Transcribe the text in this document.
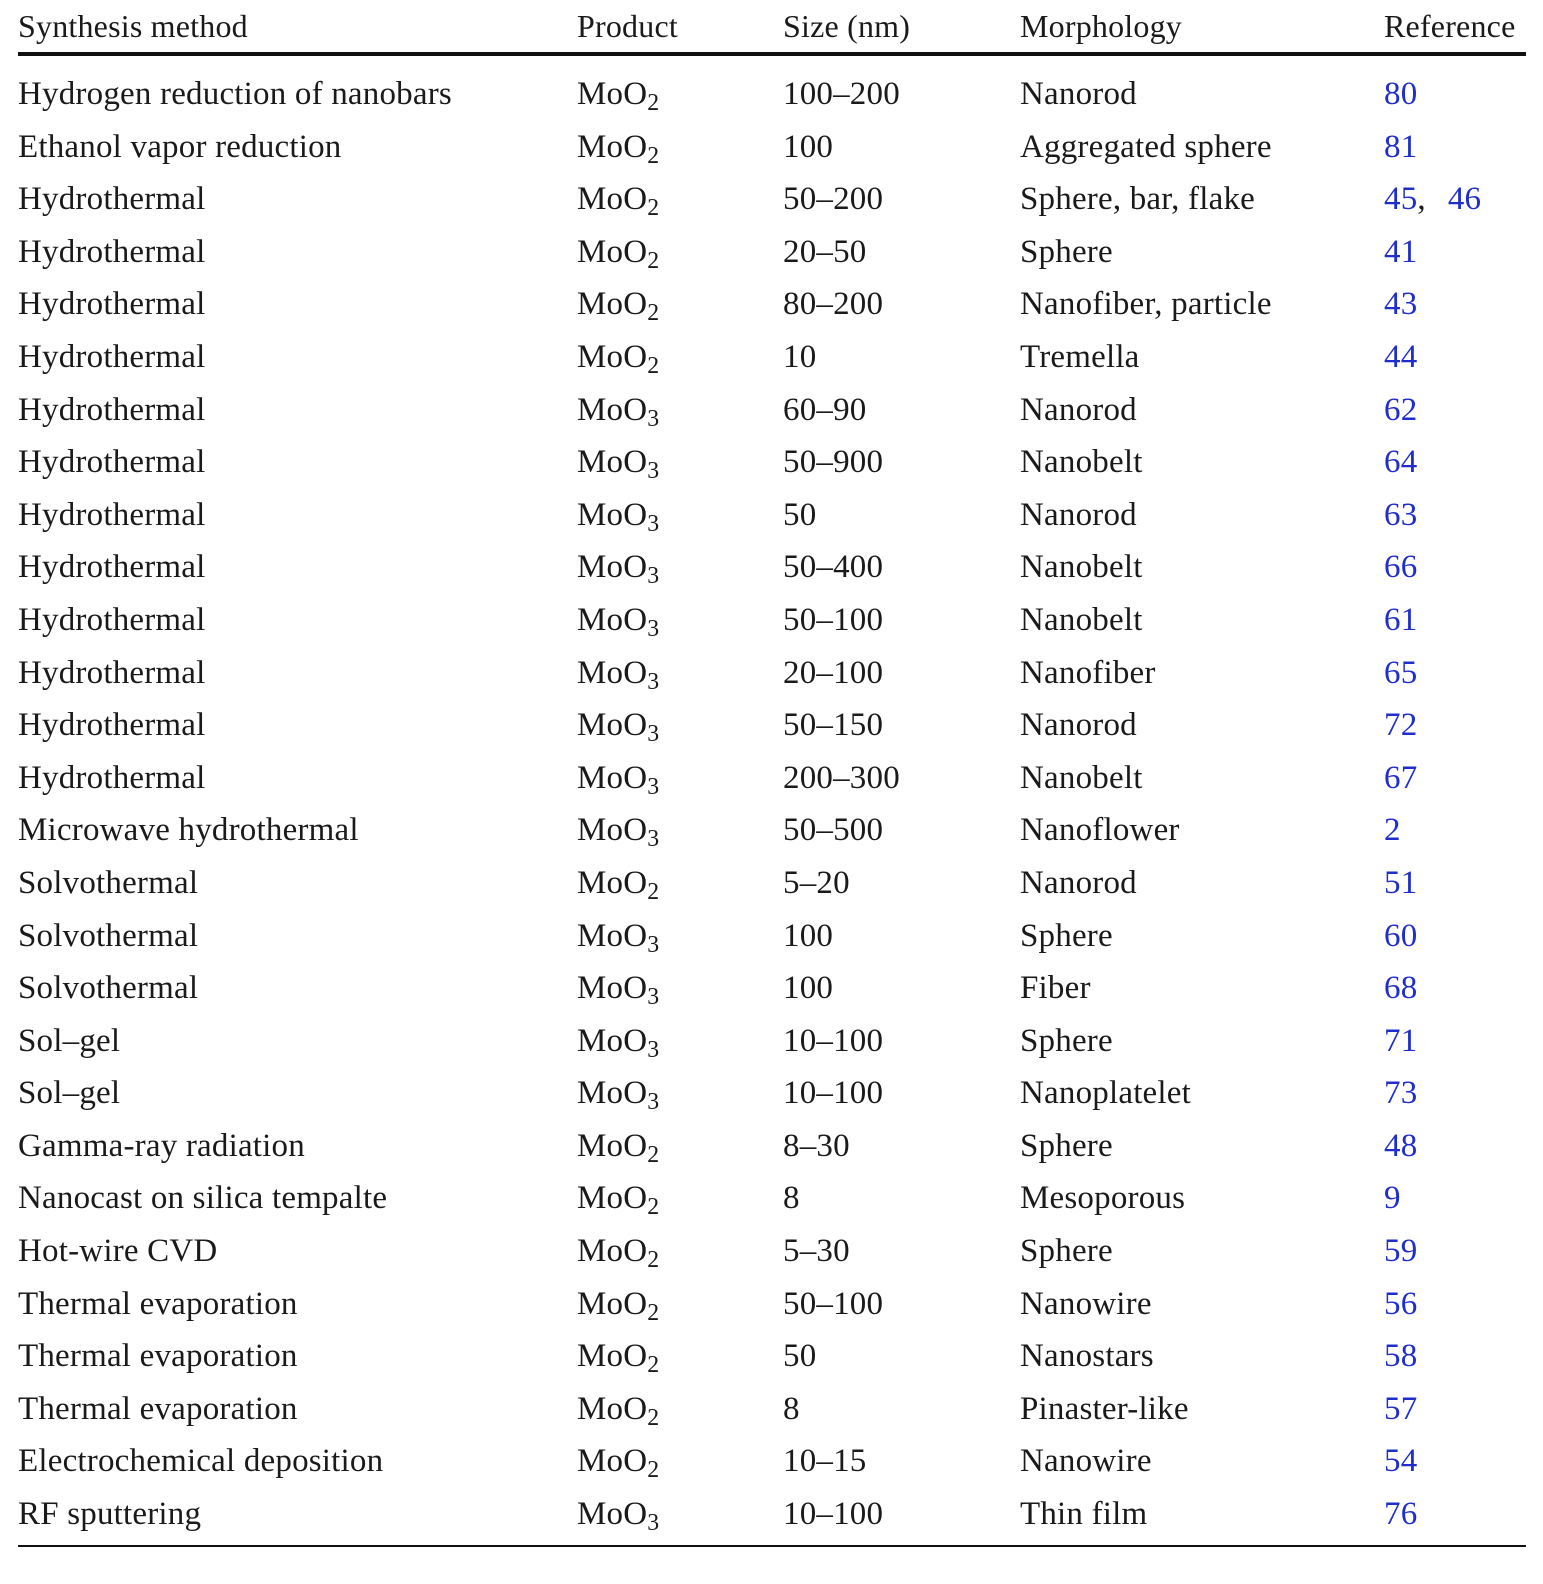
Synthesis method	Product	Size (nm)	Morphology	Reference
Hydrogen reduction of nanobars	MoO$_2$	100–200	Nanorod	80
Ethanol vapor reduction	MoO$_2$	100	Aggregated sphere	81
Hydrothermal	MoO$_2$	50–200	Sphere, bar, flake	45, 46
Hydrothermal	MoO$_2$	20–50	Sphere	41
Hydrothermal	MoO$_2$	80–200	Nanofiber, particle	43
Hydrothermal	MoO$_2$	10	Tremella	44
Hydrothermal	MoO$_3$	60–90	Nanorod	62
Hydrothermal	MoO$_3$	50–900	Nanobelt	64
Hydrothermal	MoO$_3$	50	Nanorod	63
Hydrothermal	MoO$_3$	50–400	Nanobelt	66
Hydrothermal	MoO$_3$	50–100	Nanobelt	61
Hydrothermal	MoO$_3$	20–100	Nanofiber	65
Hydrothermal	MoO$_3$	50–150	Nanorod	72
Hydrothermal	MoO$_3$	200–300	Nanobelt	67
Microwave hydrothermal	MoO$_3$	50–500	Nanoflower	2
Solvothermal	MoO$_2$	5–20	Nanorod	51
Solvothermal	MoO$_3$	100	Sphere	60
Solvothermal	MoO$_3$	100	Fiber	68
Sol–gel	MoO$_3$	10–100	Sphere	71
Sol–gel	MoO$_3$	10–100	Nanoplatelet	73
Gamma-ray radiation	MoO$_2$	8–30	Sphere	48
Nanocast on silica tempalte	MoO$_2$	8	Mesoporous	9
Hot-wire CVD	MoO$_2$	5–30	Sphere	59
Thermal evaporation	MoO$_2$	50–100	Nanowire	56
Thermal evaporation	MoO$_2$	50	Nanostars	58
Thermal evaporation	MoO$_2$	8	Pinaster-like	57
Electrochemical deposition	MoO$_2$	10–15	Nanowire	54
RF sputtering	MoO$_3$	10–100	Thin film	76
